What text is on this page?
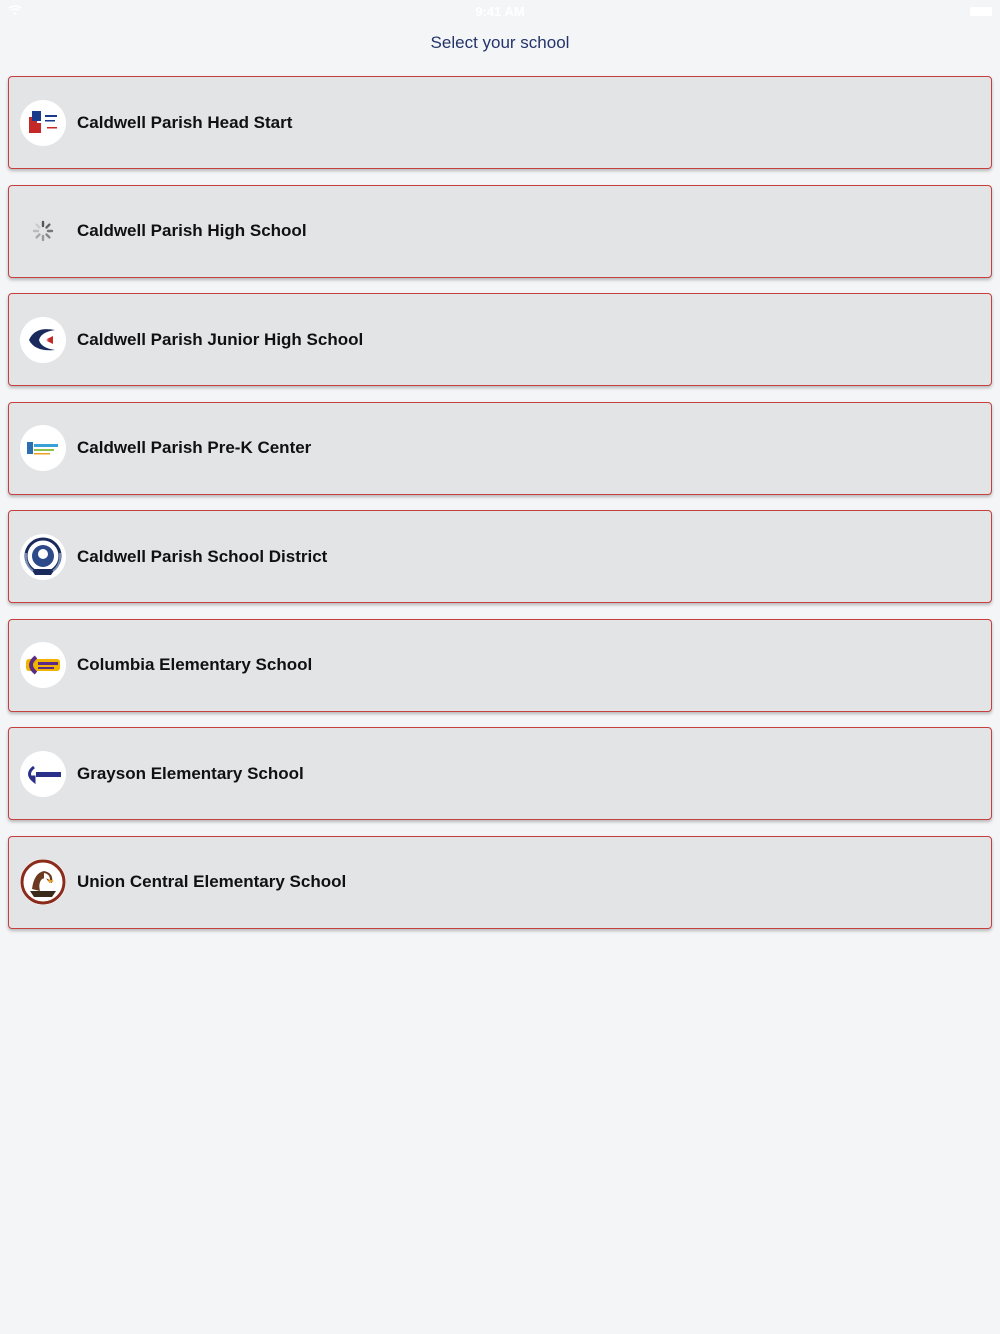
9:41 AM
Select your school
Caldwell Parish Head Start
Caldwell Parish High School
Caldwell Parish Junior High School
Caldwell Parish Pre-K Center
Caldwell Parish School District
Columbia Elementary School
Grayson Elementary School
Union Central Elementary School
